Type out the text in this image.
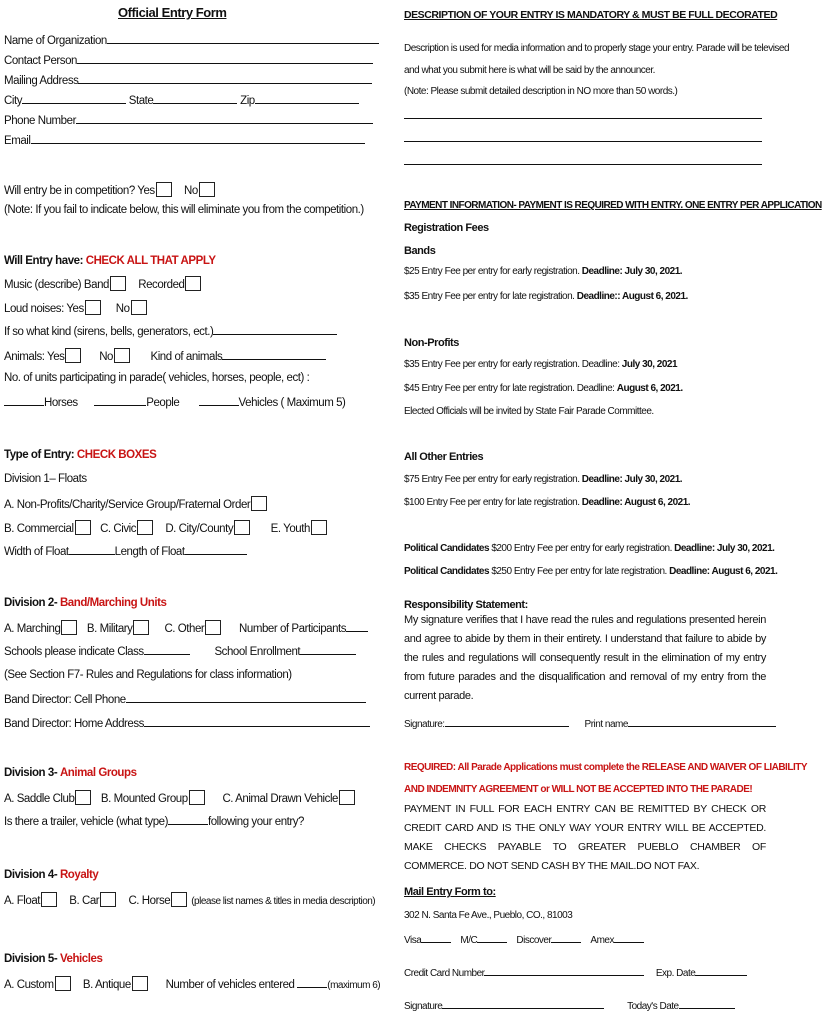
Official Entry Form
Name of Organization
Contact Person
Mailing Address
City	State	Zip
Phone Number
Email
Will entry be in competition? Yes	No
(Note: If you fail to indicate below, this will eliminate you from the competition.)
Will Entry have: CHECK ALL THAT APPLY
Music (describe) Band	Recorded
Loud noises: Yes	No
If so what kind (sirens, bells, generators, ect.)
Animals: Yes	No	Kind of animals
No. of units participating in parade( vehicles, horses, people, ect) :
Horses	People	Vehicles ( Maximum 5)
Type of Entry: CHECK BOXES
Division 1– Floats
A. Non-Profits/Charity/Service Group/Fraternal Order
B. Commercial C. Civic	D. City/County	E. Youth
Width of Float	Length of Float
Division 2- Band/Marching Units
A. Marching B. Military	C. Other	Number of Participants
Schools please indicate Class	School Enrollment
(See Section F7- Rules and Regulations for class information)
Band Director: Cell Phone
Band Director: Home Address
Division 3- Animal Groups
A. Saddle Club B. Mounted Group	C. Animal Drawn Vehicle
Is there a trailer, vehicle (what type)	following your entry?
Division 4- Royalty
A. Float	B. Car	C. Horse (please list names & titles in media description)
Division 5- Vehicles
A. Custom	B. Antique	Number of vehicles entered	(maximum 6)
DESCRIPTION OF YOUR ENTRY IS MANDATORY & MUST BE FULL DECORATED
Description is used for media information and to properly stage your entry. Parade will be televised
and what you submit here is what will be said by the announcer.
(Note: Please submit detailed description in NO more than 50 words.)
PAYMENT INFORMATION- PAYMENT IS REQUIRED WITH ENTRY. ONE ENTRY PER APPLICATION
Registration Fees
Bands
$25 Entry Fee per entry for early registration. Deadline: July 30, 2021.
$35 Entry Fee per entry for late registration. Deadline:: August 6, 2021.
Non-Profits
$35 Entry Fee per entry for early registration. Deadline: July 30, 2021
$45 Entry Fee per entry for late registration. Deadline: August 6, 2021.
Elected Officials will be invited by State Fair Parade Committee.
All Other Entries
$75 Entry Fee per entry for early registration. Deadline: July 30, 2021.
$100 Entry Fee per entry for late registration. Deadline: August 6, 2021.
Political Candidates $200 Entry Fee per entry for early registration. Deadline: July 30, 2021.
Political Candidates $250 Entry Fee per entry for late registration. Deadline: August 6, 2021.
Responsibility Statement:
My signature verifies that I have read the rules and regulations presented herein and agree to abide by them in their entirety. I understand that failure to abide by the rules and regulations will consequently result in the elimination of my entry from future parades and the disqualification and removal of my entry from the current parade.
Signature:	Print name
REQUIRED: All Parade Applications must complete the RELEASE AND WAIVER OF LIABILITY
AND INDEMNITY AGREEMENT or WILL NOT BE ACCEPTED INTO THE PARADE!
PAYMENT IN FULL FOR EACH ENTRY CAN BE REMITTED BY CHECK OR CREDIT CARD AND IS THE ONLY WAY YOUR ENTRY WILL BE ACCEPTED. MAKE CHECKS PAYABLE TO GREATER PUEBLO CHAMBER OF COMMERCE. DO NOT SEND CASH BY THE MAIL.DO NOT FAX.
Mail Entry Form to:
302 N. Santa Fe Ave., Pueblo, CO., 81003
Visa	M/C	Discover	Amex
Credit Card Number	Exp. Date
Signature	Today's Date
